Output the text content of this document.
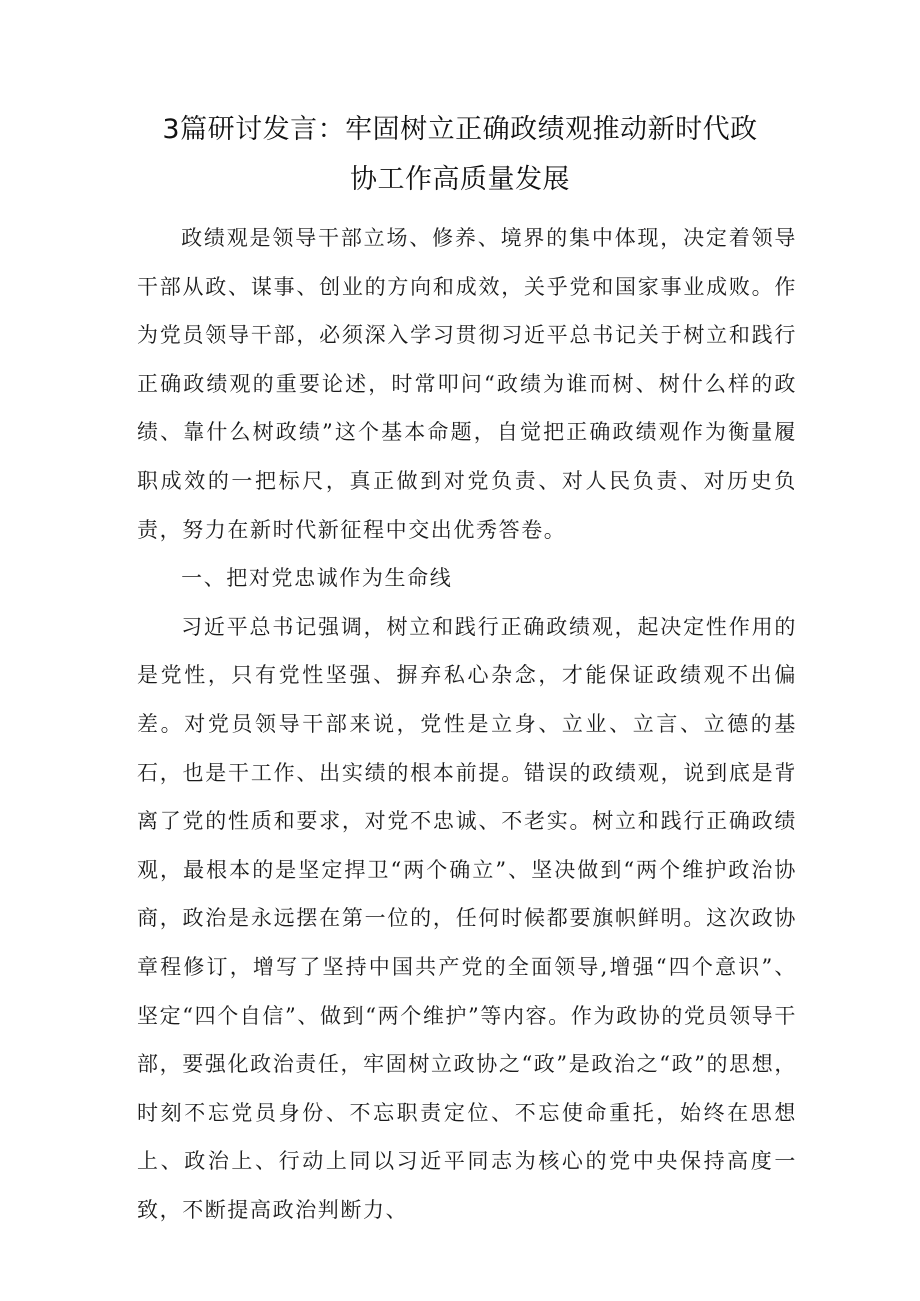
3篇研讨发言：牢固树立正确政绩观推动新时代政
协工作高质量发展

政绩观是领导干部立场、修养、境界的集中体现，决定着领导干部从政、谋事、创业的方向和成效，关乎党和国家事业成败。作为党员领导干部，必须深入学习贯彻习近平总书记关于树立和践行正确政绩观的重要论述，时常叩问“政绩为谁而树、树什么样的政绩、靠什么树政绩”这个基本命题，自觉把正确政绩观作为衡量履职成效的一把标尺，真正做到对党负责、对人民负责、对历史负责，努力在新时代新征程中交出优秀答卷。

一、把对党忠诚作为生命线

习近平总书记强调，树立和践行正确政绩观，起决定性作用的是党性，只有党性坚强、摒弃私心杂念，才能保证政绩观不出偏差。对党员领导干部来说，党性是立身、立业、立言、立德的基石，也是干工作、出实绩的根本前提。错误的政绩观，说到底是背离了党的性质和要求，对党不忠诚、不老实。树立和践行正确政绩观，最根本的是坚定捍卫“两个确立”、坚决做到“两个维护政治协商，政治是永远摆在第一位的，任何时候都要旗帜鲜明。这次政协章程修订，增写了坚持中国共产党的全面领导,增强“四个意识”、坚定“四个自信”、做到“两个维护”等内容。作为政协的党员领导干部，要强化政治责任，牢固树立政协之“政”是政治之“政”的思想，时刻不忘党员身份、不忘职责定位、不忘使命重托，始终在思想上、政治上、行动上同以习近平同志为核心的党中央保持高度一致，不断提高政治判断力、
